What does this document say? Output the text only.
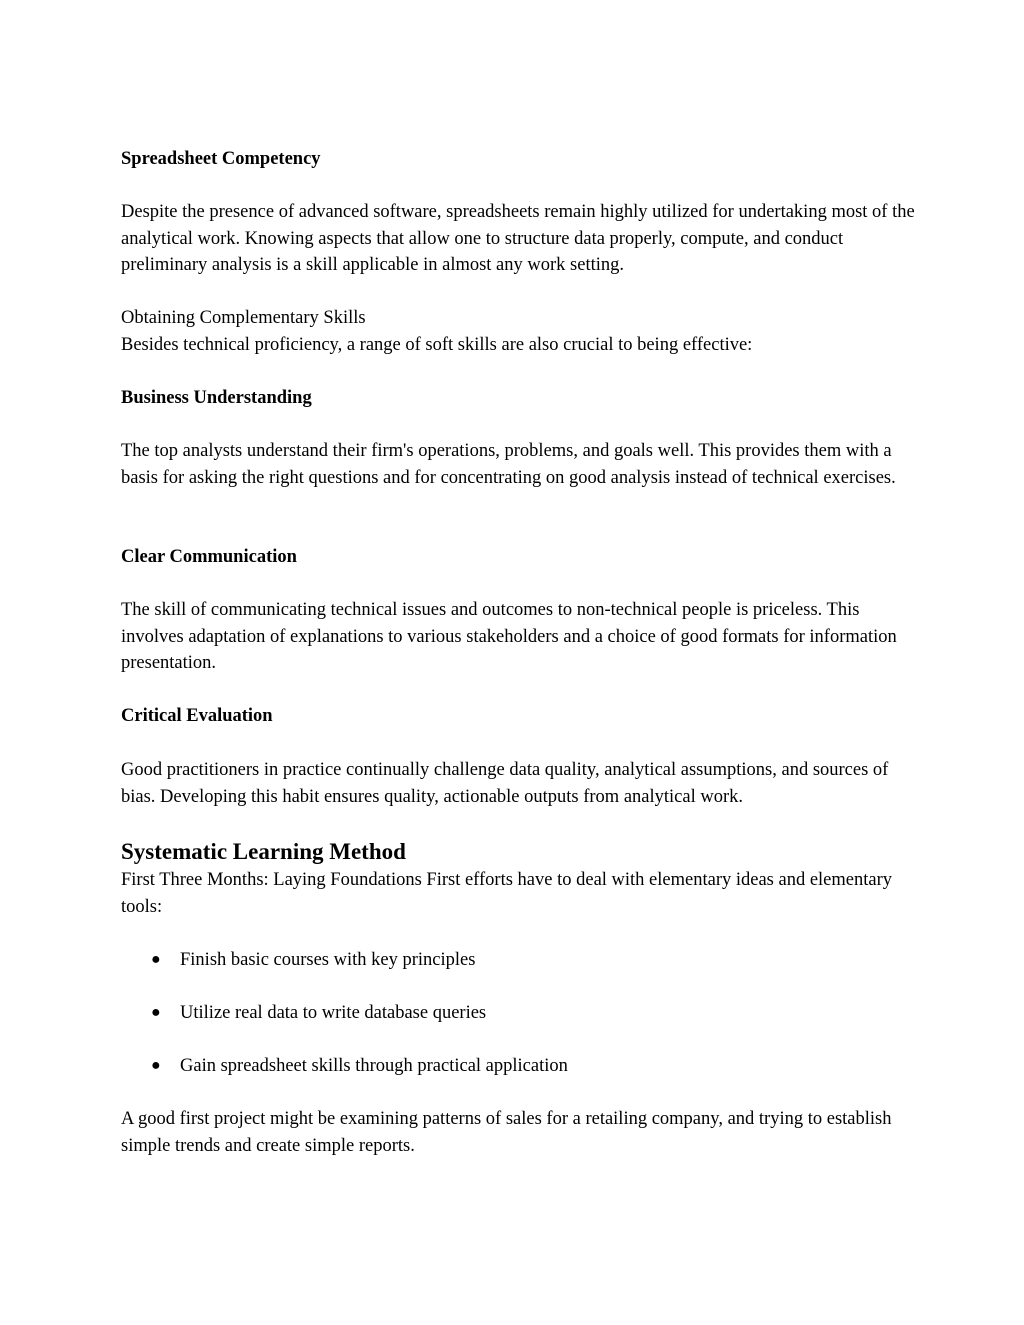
Spreadsheet Competency

Despite the presence of advanced software, spreadsheets remain highly utilized for undertaking most of the analytical work. Knowing aspects that allow one to structure data properly, compute, and conduct preliminary analysis is a skill applicable in almost any work setting.

Obtaining Complementary Skills

Besides technical proficiency, a range of soft skills are also crucial to being effective:

Business Understanding

The top analysts understand their firm's operations, problems, and goals well. This provides them with a basis for asking the right questions and for concentrating on good analysis instead of technical exercises.

Clear Communication

The skill of communicating technical issues and outcomes to non-technical people is priceless. This involves adaptation of explanations to various stakeholders and a choice of good formats for information presentation.

Critical Evaluation

Good practitioners in practice continually challenge data quality, analytical assumptions, and sources of bias. Developing this habit ensures quality, actionable outputs from analytical work.

Systematic Learning Method

First Three Months: Laying Foundations First efforts have to deal with elementary ideas and elementary tools:

● Finish basic courses with key principles
● Utilize real data to write database queries
● Gain spreadsheet skills through practical application

A good first project might be examining patterns of sales for a retailing company, and trying to establish simple trends and create simple reports.
